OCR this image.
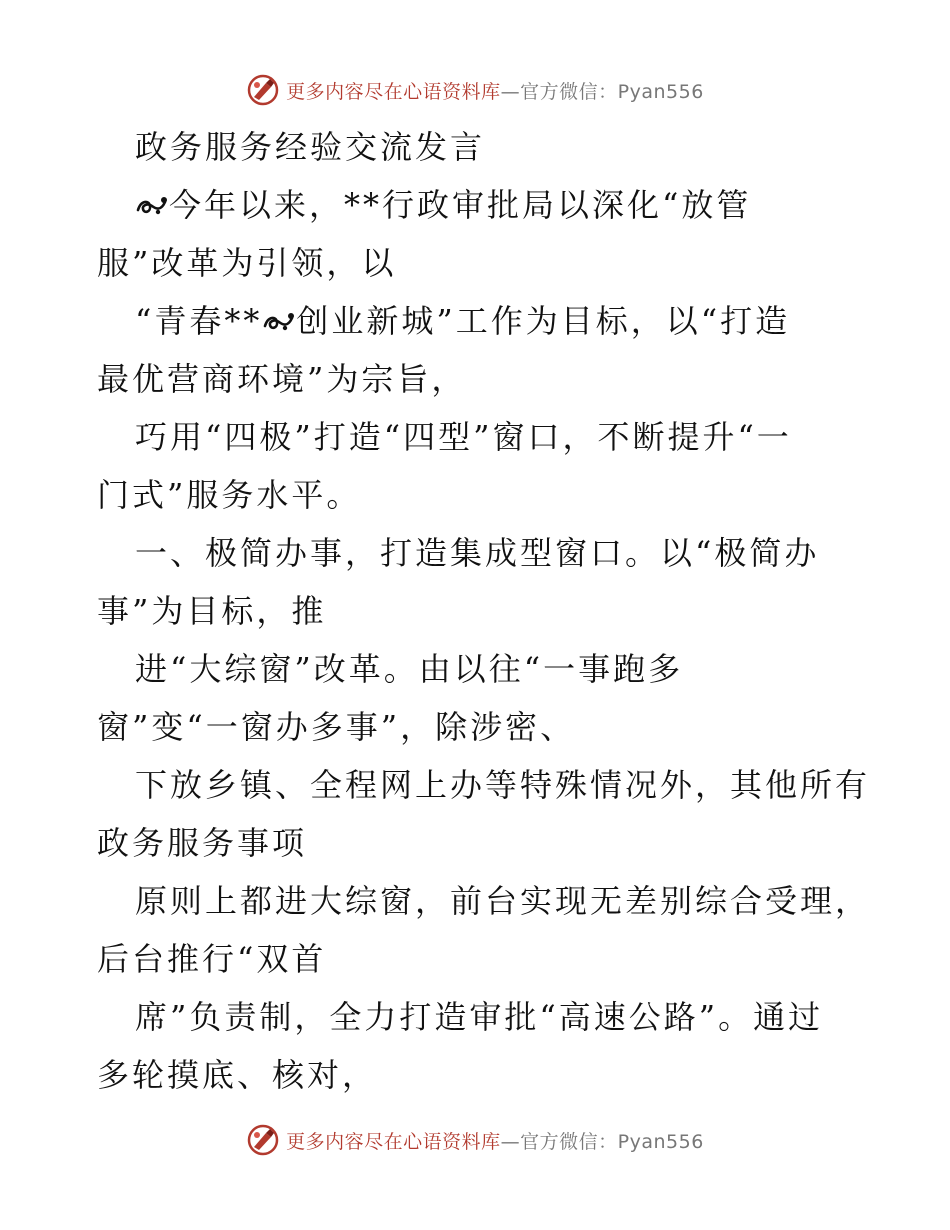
更多内容尽在心语资料库—官方微信：Pyan556
政务服务经验交流发言
今年以来，**行政审批局以深化“放管
服”改革为引领，以
“青春** 创业新城”工作为目标，以“打造
最优营商环境”为宗旨，
巧用“四极”打造“四型”窗口，不断提升“一
门式”服务水平。
一、极简办事，打造集成型窗口。以“极简办
事”为目标，推
进“大综窗”改革。由以往“一事跑多
窗”变“一窗办多事”，除涉密、
下放乡镇、全程网上办等特殊情况外，其他所有
政务服务事项
原则上都进大综窗，前台实现无差别综合受理，
后台推行“双首
席”负责制，全力打造审批“高速公路”。通过
多轮摸底、核对，
更多内容尽在心语资料库—官方微信：Pyan556
